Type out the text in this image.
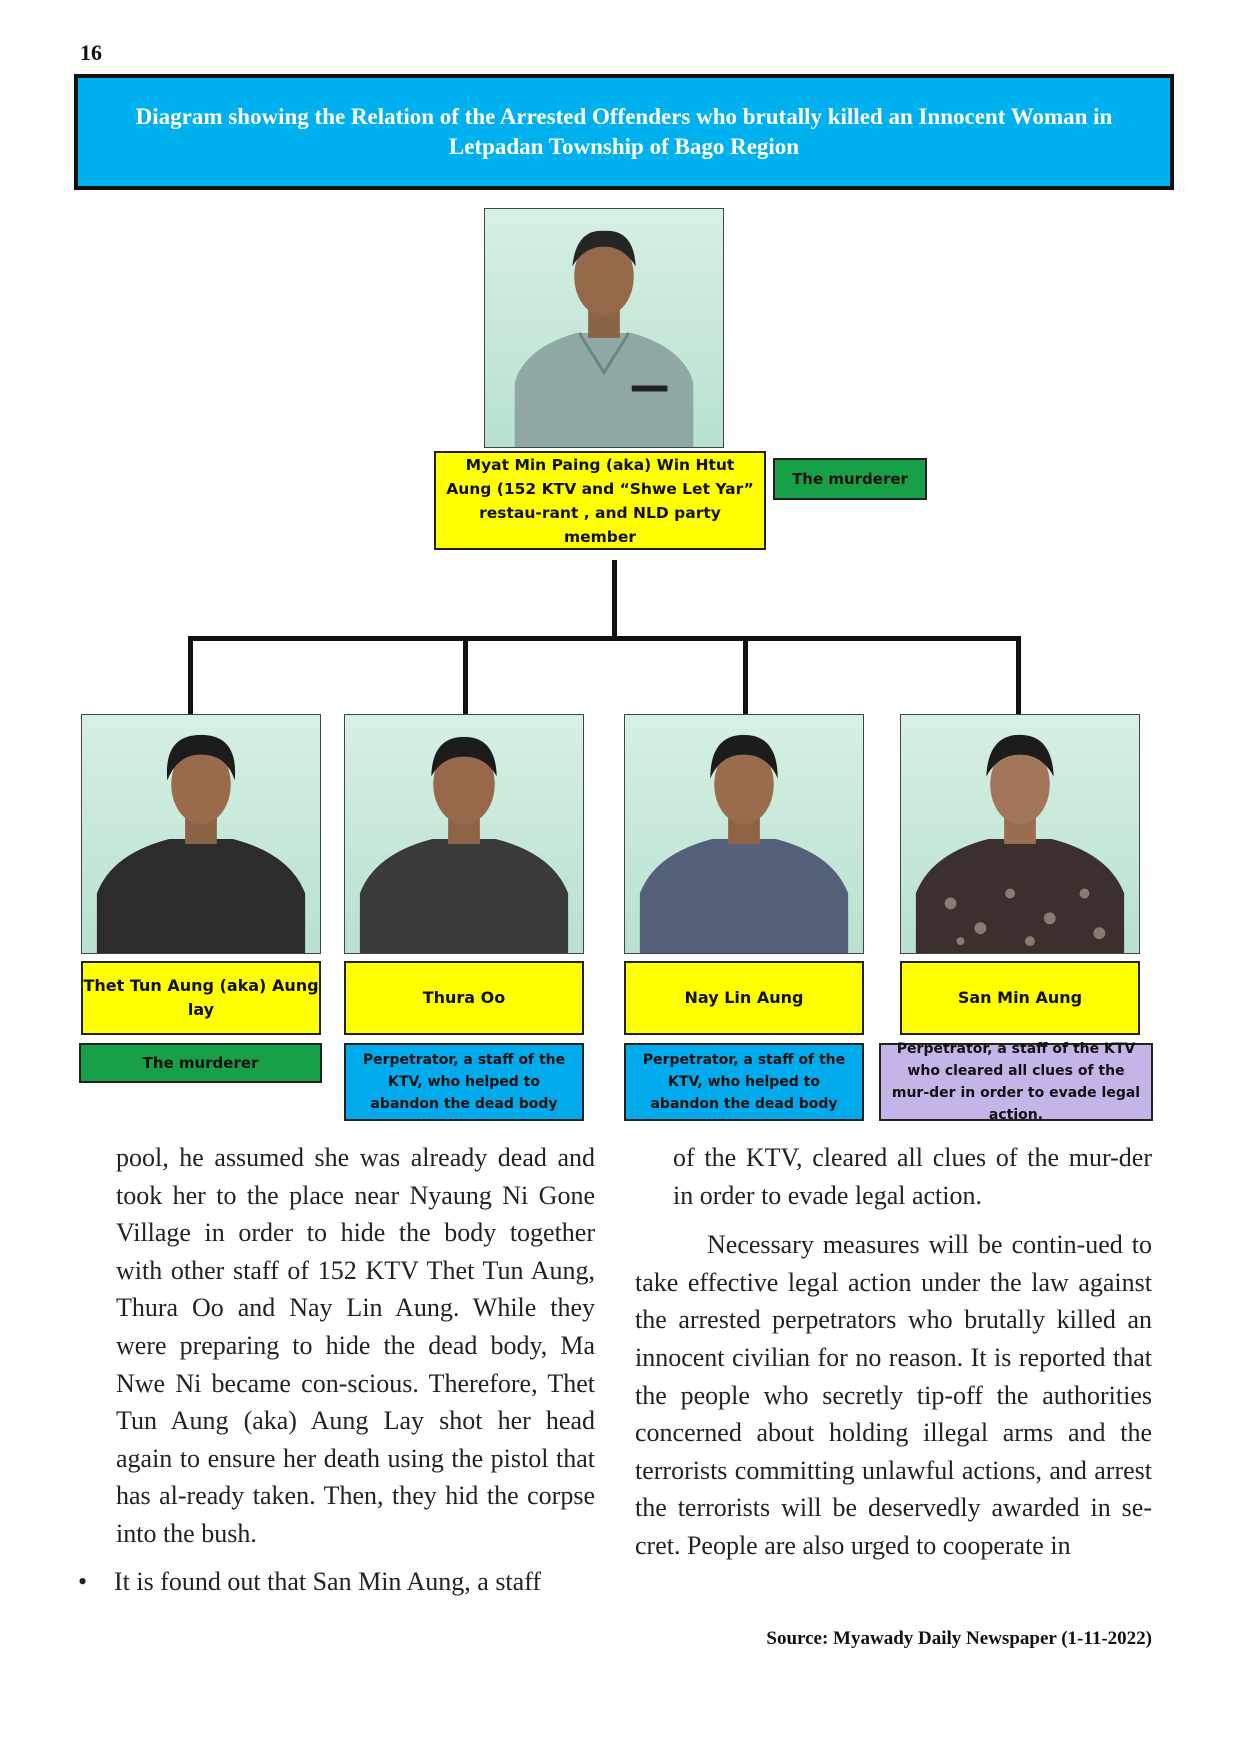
16
Diagram showing the Relation of the Arrested Offenders who brutally killed an Innocent Woman in Letpadan Township of Bago Region
Myat Min Paing (aka) Win Htut Aung (152 KTV and “Shwe Let Yar” restau-rant , and NLD party member
The murderer
Thet Tun Aung (aka) Aung lay
Thura Oo	Nay Lin Aung	San Min Aung
The murderer	Perpetrator, a staff of the KTV, who helped to abandon the dead body
Perpetrator, a staff of the KTV, who helped to abandon the dead body
Perpetrator, a staff of the KTV who cleared all clues of the mur-der in order to evade legal action.

pool, he assumed she was already dead and took her to the place near Nyaung Ni Gone Village in order to hide the body together with other staff of 152 KTV Thet Tun Aung, Thura Oo and Nay Lin Aung. While they were preparing to hide the dead body, Ma Nwe Ni became con-scious. Therefore, Thet Tun Aung (aka) Aung Lay shot her head again to ensure her death using the pistol that has al-ready taken. Then, they hid the corpse into the bush.

•	It is found out that San Min Aung, a staff

of the KTV, cleared all clues of the mur-der in order to evade legal action.

Necessary measures will be contin-ued to take effective legal action under the law against the arrested perpetrators who brutally killed an innocent civilian for no reason. It is reported that the people who secretly tip-off the authorities concerned about holding illegal arms and the terrorists committing unlawful actions, and arrest the terrorists will be deservedly awarded in se-cret. People are also urged to cooperate in

Source: Myawady Daily Newspaper (1-11-2022)
